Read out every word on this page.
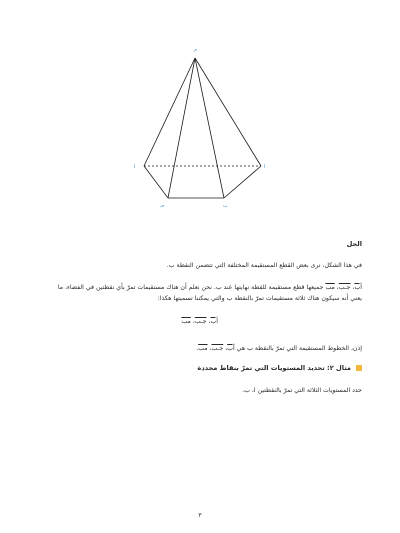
م
ا	ا
جـ	ب
الحل
في هذا الشكل، نرى بعض القطع المستقيمة المختلفة التي تتضمن النقطة ب.
أب، جـب، مب جميعها قطع مستقيمة للقطة نهايتها عند ب. نحن نعلم أن هناك مستقيمات تمرّ بأي نقطتين في الفضاء، ما
يعني أنه سيكون هناك ثلاثة مستقيمات تمرّ بالنقطة ب والتي يمكننا تسميتها هكذا:
أب، جـب، مب
إذن، الخطوط المستقيمة التي تمرّ بالنقطة ب هي أب، جـب، مب.
مثال ٢: تحديد المستويات التي تمرّ بنقاط محددة
حدد المستويات الثلاثة التي تمرّ بالنقطتين ا، ب.
٣
